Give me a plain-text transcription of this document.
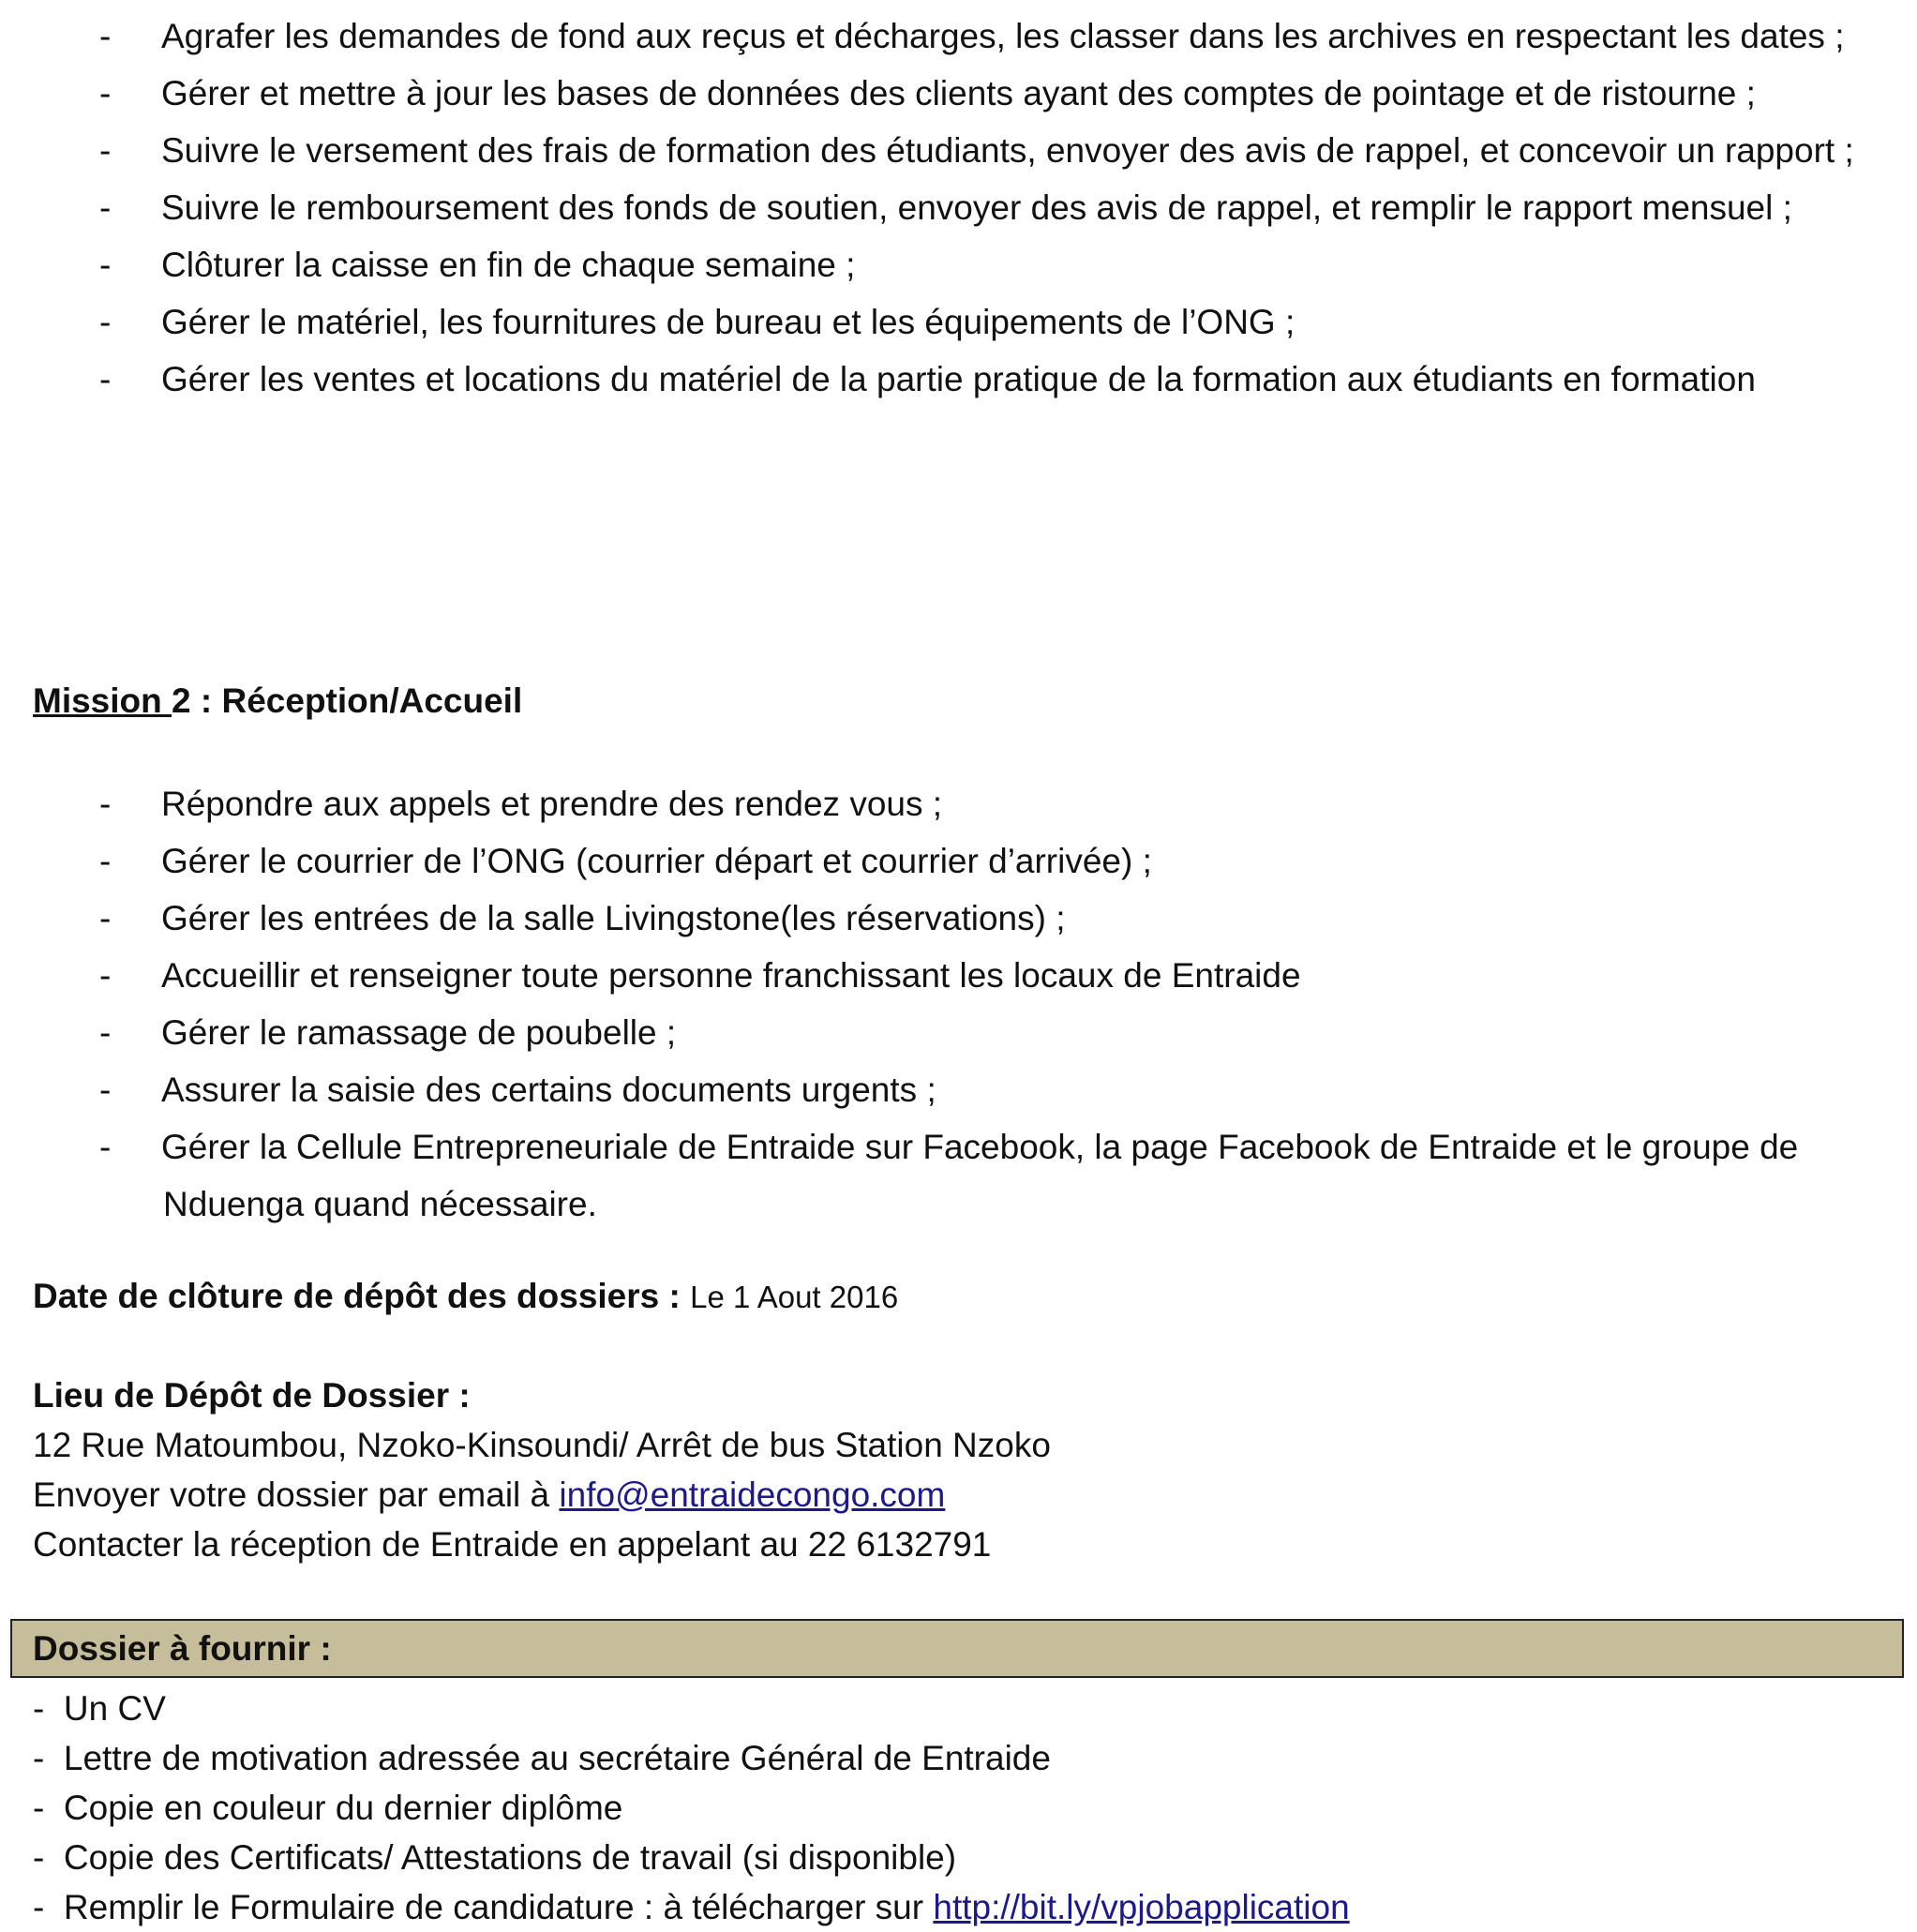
- Agrafer les demandes de fond aux reçus et décharges, les classer dans les archives en respectant les dates ;
- Gérer et mettre à jour les bases de données des clients ayant des comptes de pointage et de ristourne ;
- Suivre le versement des frais de formation des étudiants, envoyer des avis de rappel, et concevoir un rapport ;
- Suivre le remboursement des fonds de soutien, envoyer des avis de rappel, et remplir le rapport mensuel ;
- Clôturer la caisse en fin de chaque semaine ;
- Gérer le matériel, les fournitures de bureau et les équipements de l’ONG ;
- Gérer les ventes et locations du matériel de la partie pratique de la formation aux étudiants en formation
Mission 2 : Réception/Accueil
- Répondre aux appels et prendre des rendez vous ;
- Gérer le courrier de l’ONG (courrier départ et courrier d’arrivée) ;
- Gérer les entrées de la salle Livingstone(les réservations) ;
- Accueillir et renseigner toute personne franchissant les locaux de Entraide
- Gérer le ramassage de poubelle ;
- Assurer la saisie des certains documents urgents ;
- Gérer la Cellule Entrepreneuriale de Entraide sur Facebook, la page Facebook de Entraide et le groupe de Nduenga quand nécessaire.
Date de clôture de dépôt des dossiers : Le 1 Aout 2016
Lieu de Dépôt de Dossier :
12 Rue Matoumbou, Nzoko-Kinsoundi/ Arrêt de bus Station Nzoko
Envoyer votre dossier par email à info@entraidecongo.com
Contacter la réception de Entraide en appelant au 22 6132791
Dossier à fournir :
-  Un CV
-  Lettre de motivation adressée au secrétaire Général de Entraide
-  Copie en couleur du dernier diplôme
-  Copie des Certificats/ Attestations de travail (si disponible)
-  Remplir le Formulaire de candidature : à télécharger sur http://bit.ly/vpjobapplication
